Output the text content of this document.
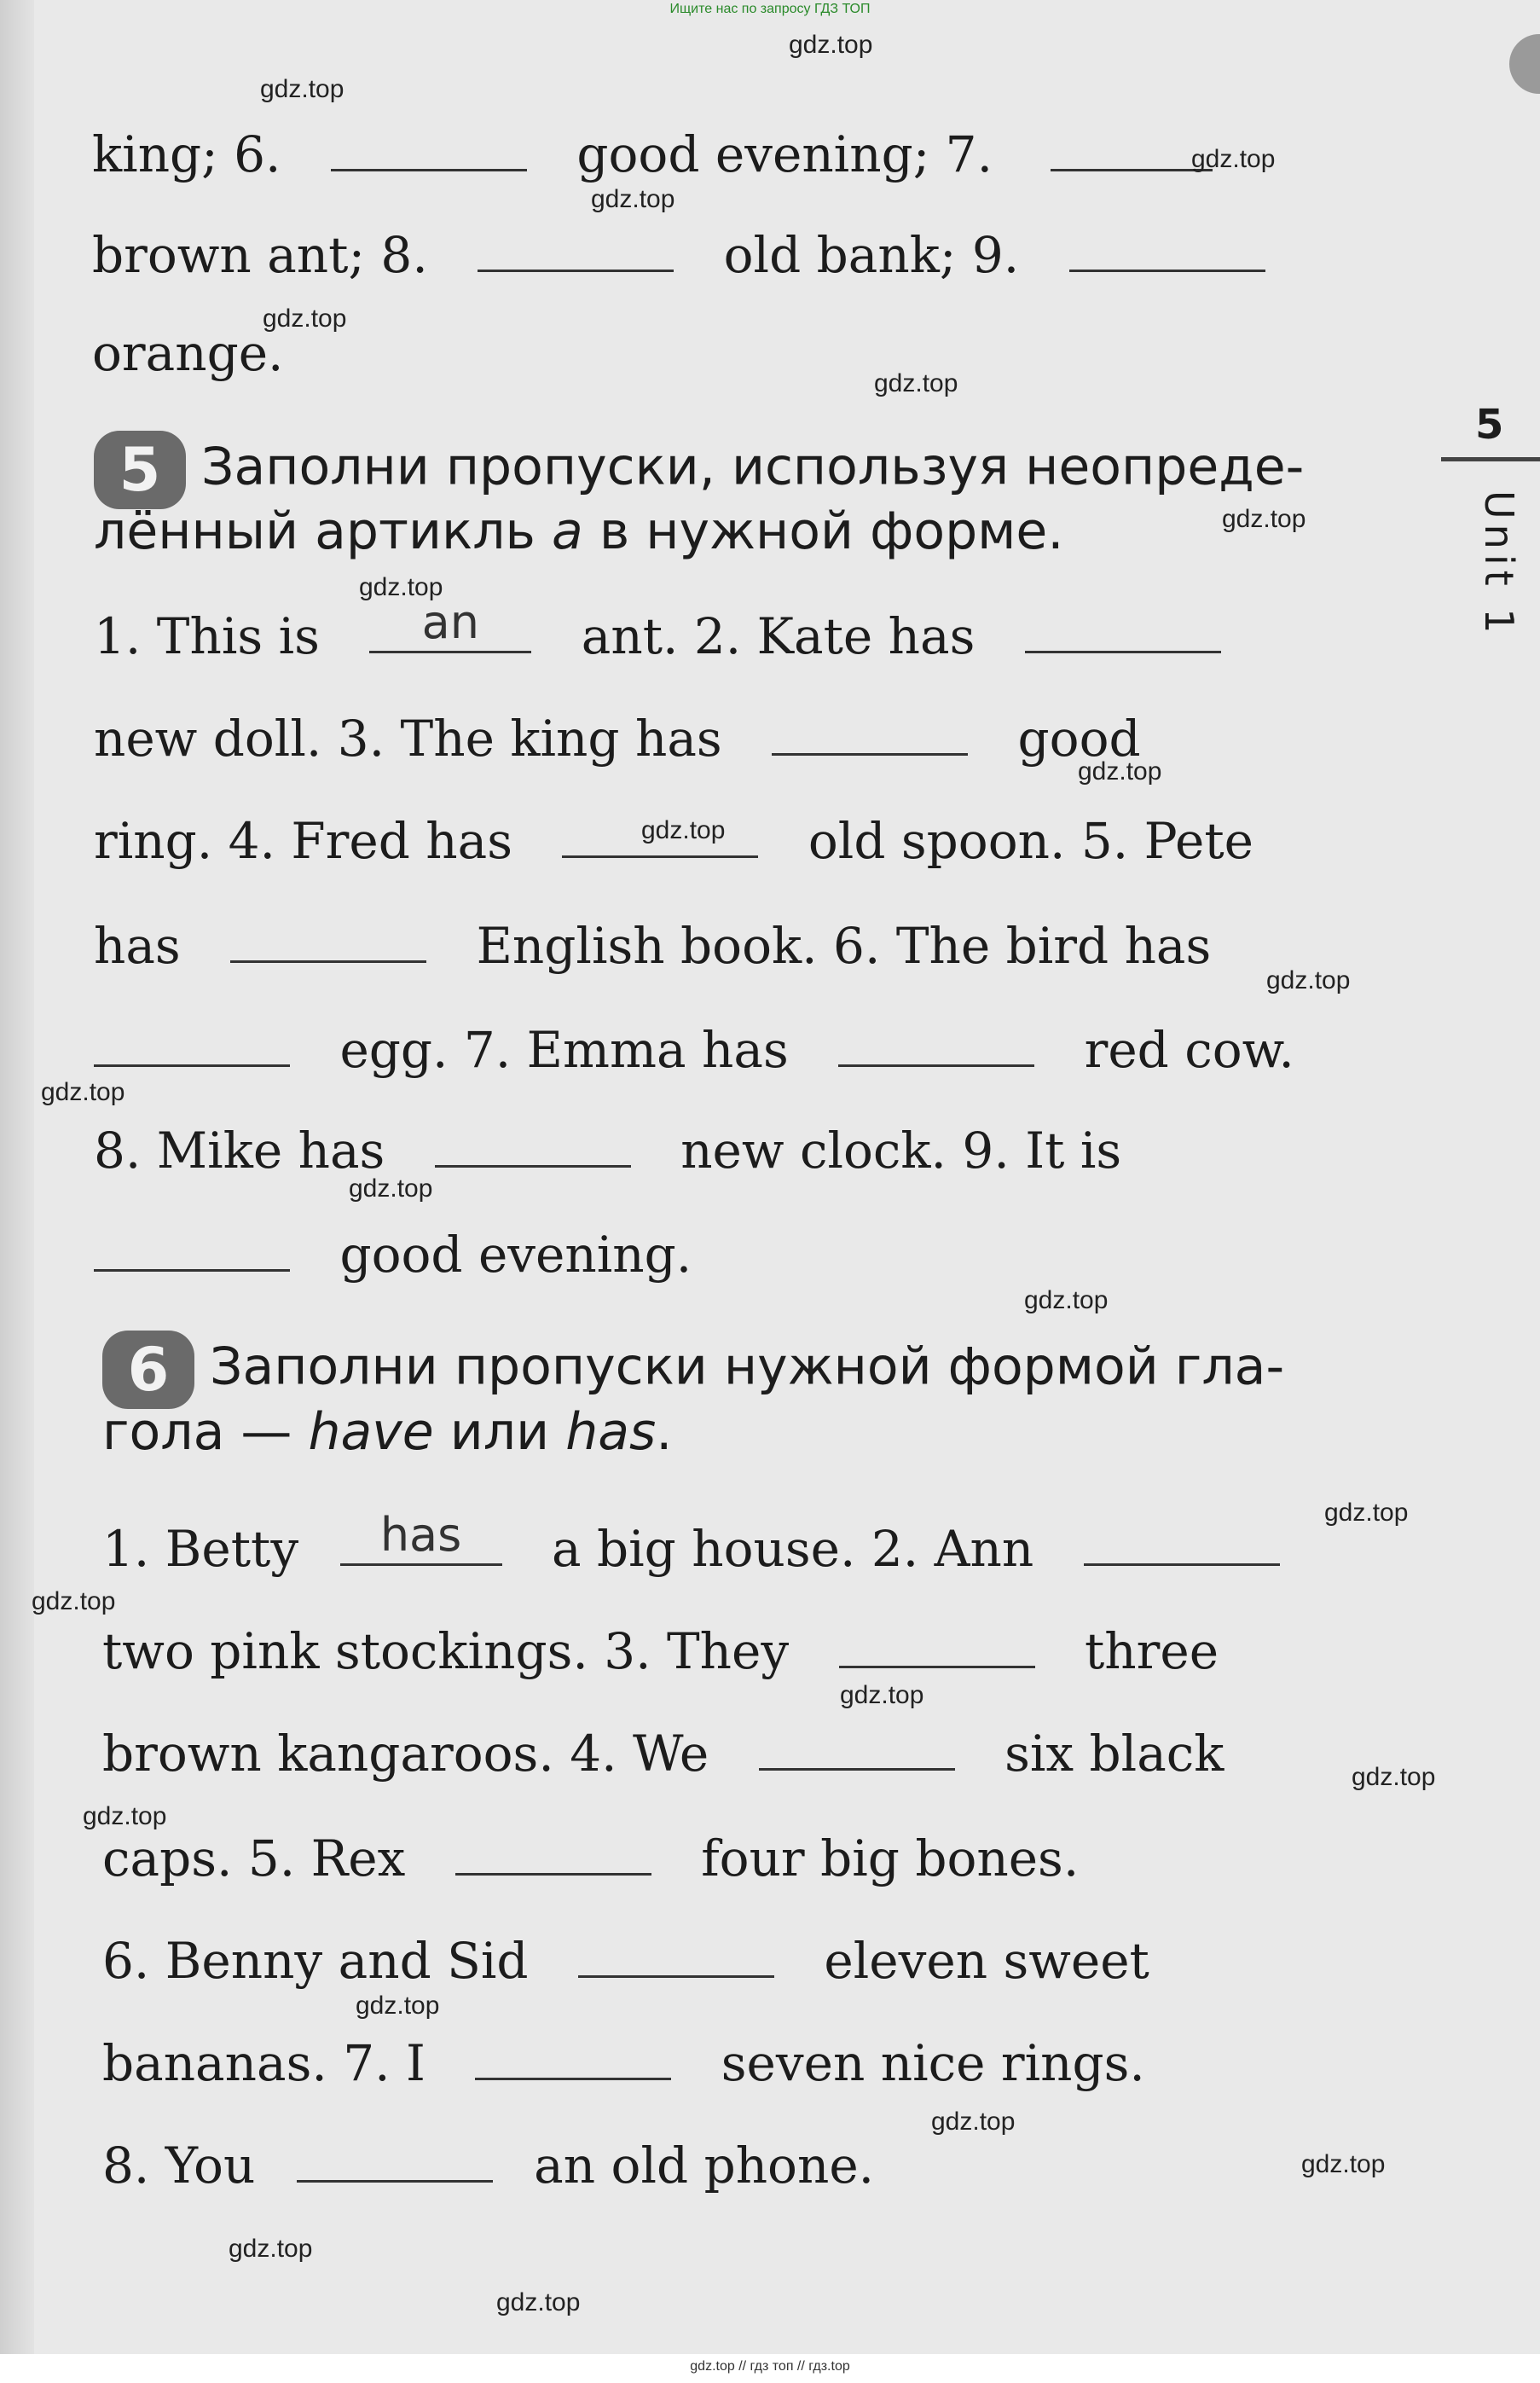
Ищите нас по запросу ГДЗ ТОП
5
Unit 1
king; 6.	good evening; 7.
brown ant; 8.	old bank; 9.
orange.
5 Заполни пропуски, используя неопреде-
лённый артикль a в нужной форме.
1. This is	an	ant. 2. Kate has
new doll. 3. The king has	good
ring. 4. Fred has	old spoon. 5. Pete
has	English book. 6. The bird has
egg. 7. Emma has	red cow.
8. Mike has	new clock. 9. It is
good evening.
6 Заполни пропуски нужной формой гла-
гола — have или has.
1. Betty	has	a big house. 2. Ann
two pink stockings. 3. They	three
brown kangaroos. 4. We	six black
caps. 5. Rex	four big bones.
6. Benny and Sid	eleven sweet
bananas. 7. I	seven nice rings.
8. You	an old phone.
gdz.top
gdz.top
gdz.top
gdz.top
gdz.top
gdz.top
gdz.top
gdz.top
gdz.top
gdz.top
gdz.top
gdz.top
gdz.top
gdz.top
gdz.top
gdz.top
gdz.top
gdz.top
gdz.top
gdz.top
gdz.top
gdz.top
gdz.top
gdz.top
gdz.top // гдз топ // гдз.top
